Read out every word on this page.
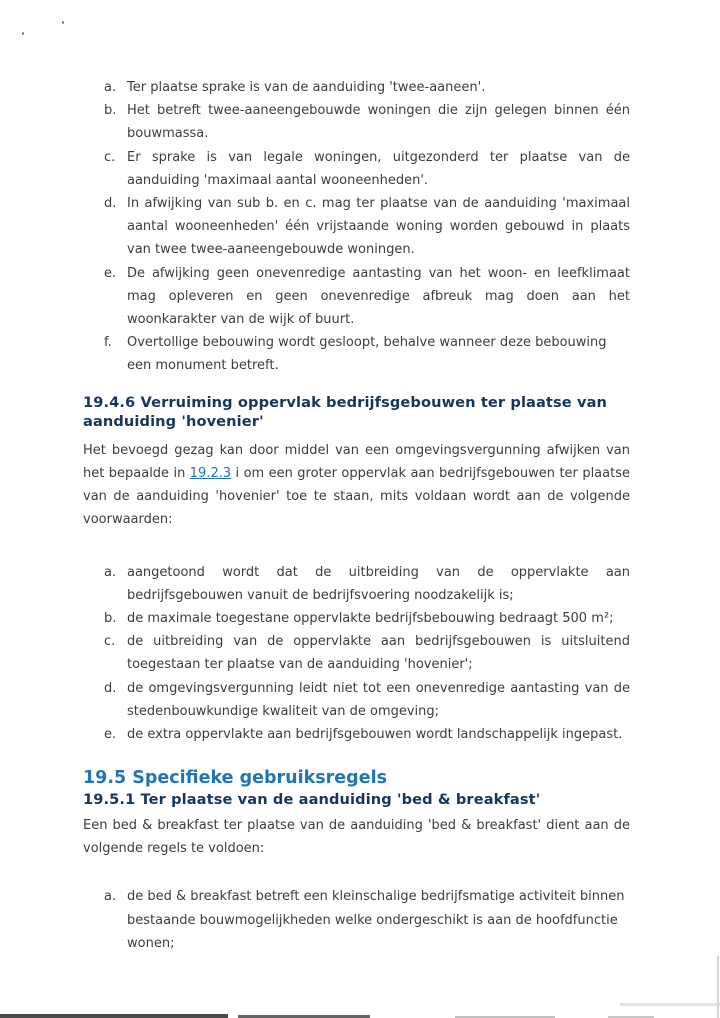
a. Ter plaatse sprake is van de aanduiding 'twee-aaneen'.
b. Het betreft twee-aaneengebouwde woningen die zijn gelegen binnen één bouwmassa.
c. Er sprake is van legale woningen, uitgezonderd ter plaatse van de aanduiding 'maximaal aantal wooneenheden'.
d. In afwijking van sub b. en c. mag ter plaatse van de aanduiding 'maximaal aantal wooneenheden' één vrijstaande woning worden gebouwd in plaats van twee twee-aaneengebouwde woningen.
e. De afwijking geen onevenredige aantasting van het woon- en leefklimaat mag opleveren en geen onevenredige afbreuk mag doen aan het woonkarakter van de wijk of buurt.
f. Overtollige bebouwing wordt gesloopt, behalve wanneer deze bebouwing een monument betreft.
19.4.6 Verruiming oppervlak bedrijfsgebouwen ter plaatse van aanduiding 'hovenier'

Het bevoegd gezag kan door middel van een omgevingsvergunning afwijken van het bepaalde in 19.2.3 i om een groter oppervlak aan bedrijfsgebouwen ter plaatse van de aanduiding 'hovenier' toe te staan, mits voldaan wordt aan de volgende voorwaarden:

a. aangetoond wordt dat de uitbreiding van de oppervlakte aan bedrijfsgebouwen vanuit de bedrijfsvoering noodzakelijk is;
b. de maximale toegestane oppervlakte bedrijfsbebouwing bedraagt 500 m²;
c. de uitbreiding van de oppervlakte aan bedrijfsgebouwen is uitsluitend toegestaan ter plaatse van de aanduiding 'hovenier';
d. de omgevingsvergunning leidt niet tot een onevenredige aantasting van de stedenbouwkundige kwaliteit van de omgeving;
e. de extra oppervlakte aan bedrijfsgebouwen wordt landschappelijk ingepast.
19.5 Specifieke gebruiksregels
19.5.1 Ter plaatse van de aanduiding 'bed & breakfast'

Een bed & breakfast ter plaatse van de aanduiding 'bed & breakfast' dient aan de volgende regels te voldoen:

a. de bed & breakfast betreft een kleinschalige bedrijfsmatige activiteit binnen bestaande bouwmogelijkheden welke ondergeschikt is aan de hoofdfunctie wonen;
